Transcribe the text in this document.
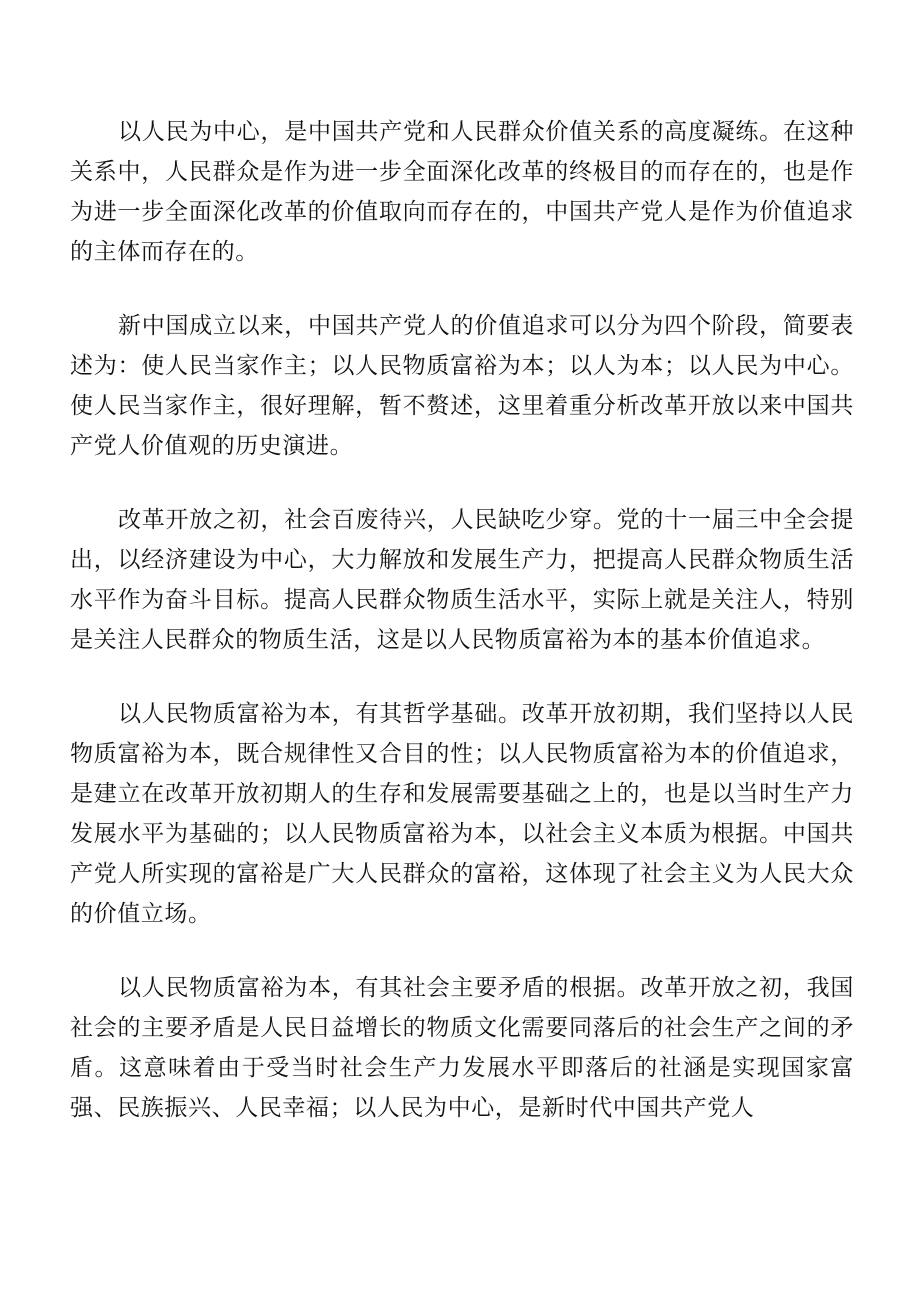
以人民为中心，是中国共产党和人民群众价值关系的高度凝练。在这种关系中，人民群众是作为进一步全面深化改革的终极目的而存在的，也是作为进一步全面深化改革的价值取向而存在的，中国共产党人是作为价值追求的主体而存在的。

新中国成立以来，中国共产党人的价值追求可以分为四个阶段，简要表述为：使人民当家作主；以人民物质富裕为本；以人为本；以人民为中心。使人民当家作主，很好理解，暂不赘述，这里着重分析改革开放以来中国共产党人价值观的历史演进。

改革开放之初，社会百废待兴，人民缺吃少穿。党的十一届三中全会提出，以经济建设为中心，大力解放和发展生产力，把提高人民群众物质生活水平作为奋斗目标。提高人民群众物质生活水平，实际上就是关注人，特别是关注人民群众的物质生活，这是以人民物质富裕为本的基本价值追求。

以人民物质富裕为本，有其哲学基础。改革开放初期，我们坚持以人民物质富裕为本，既合规律性又合目的性；以人民物质富裕为本的价值追求，是建立在改革开放初期人的生存和发展需要基础之上的，也是以当时生产力发展水平为基础的；以人民物质富裕为本，以社会主义本质为根据。中国共产党人所实现的富裕是广大人民群众的富裕，这体现了社会主义为人民大众的价值立场。

以人民物质富裕为本，有其社会主要矛盾的根据。改革开放之初，我国社会的主要矛盾是人民日益增长的物质文化需要同落后的社会生产之间的矛盾。这意味着由于受当时社会生产力发展水平即落后的社涵是实现国家富强、民族振兴、人民幸福；以人民为中心，是新时代中国共产党人
